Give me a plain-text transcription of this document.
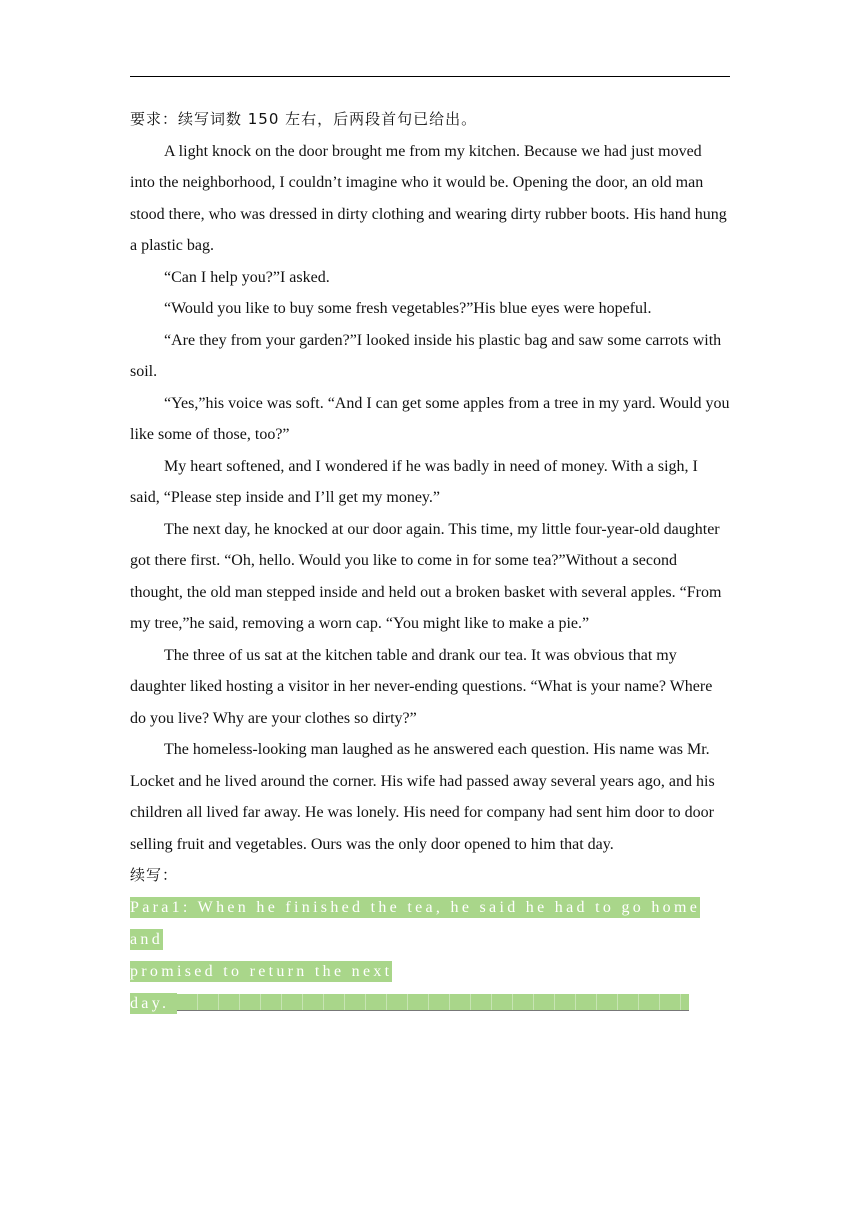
要求：续写词数 150 左右，后两段首句已给出。

A light knock on the door brought me from my kitchen. Because we had just moved into the neighborhood, I couldn’t imagine who it would be. Opening the door, an old man stood there, who was dressed in dirty clothing and wearing dirty rubber boots. His hand hung a plastic bag.

“Can I help you?”I asked.

“Would you like to buy some fresh vegetables?”His blue eyes were hopeful.

“Are they from your garden?”I looked inside his plastic bag and saw some carrots with soil.

“Yes,”his voice was soft. “And I can get some apples from a tree in my yard. Would you like some of those, too?”

My heart softened, and I wondered if he was badly in need of money. With a sigh, I said, “Please step inside and I’ll get my money.”

The next day, he knocked at our door again. This time, my little four-year-old daughter got there first. “Oh, hello. Would you like to come in for some tea?”Without a second thought, the old man stepped inside and held out a broken basket with several apples. “From my tree,”he said, removing a worn cap. “You might like to make a pie.”

The three of us sat at the kitchen table and drank our tea. It was obvious that my daughter liked hosting a visitor in her never-ending questions. “What is your name? Where do you live? Why are your clothes so dirty?”

The homeless-looking man laughed as he answered each question. His name was Mr. Locket and he lived around the corner. His wife had passed away several years ago, and his children all lived far away. He was lonely. His need for company had sent him door to door selling fruit and vegetables. Ours was the only door opened to him that day.

续写：

Para1: When he finished the tea, he said he had to go home and

promised to return the next

day.
